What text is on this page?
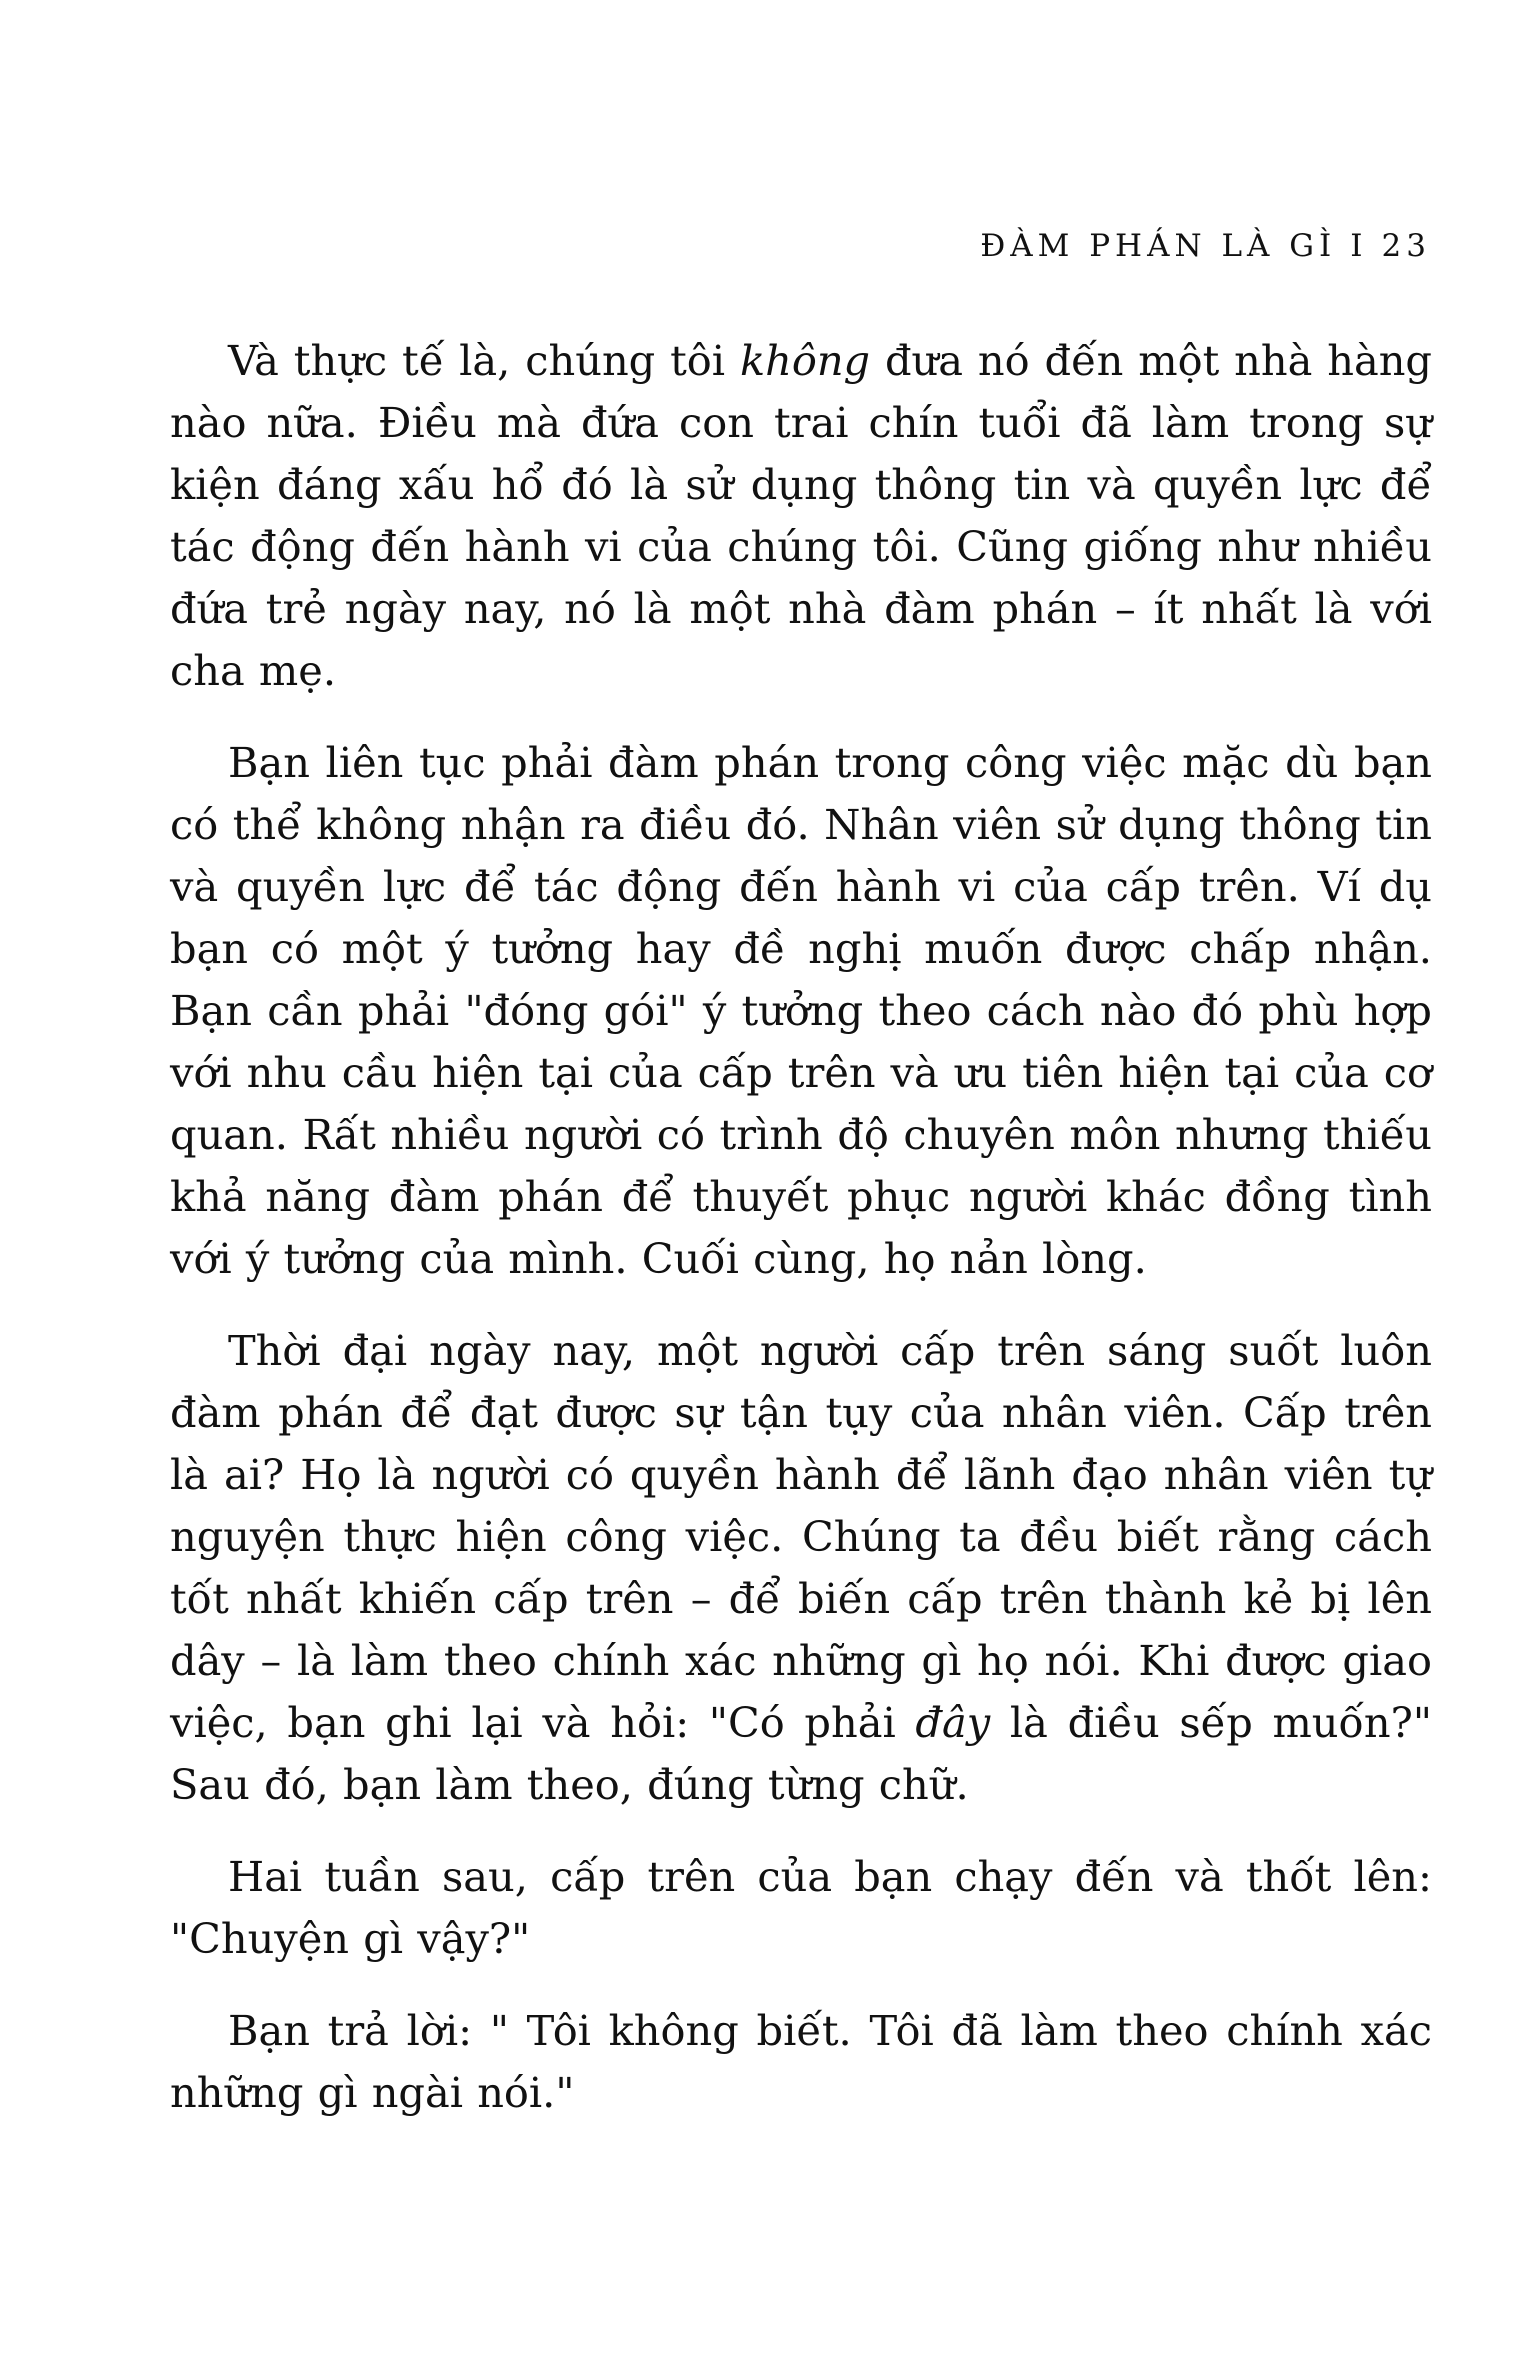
ĐÀM PHÁN LÀ GÌ I 23

Và thực tế là, chúng tôi không đưa nó đến một nhà hàng nào nữa. Điều mà đứa con trai chín tuổi đã làm trong sự kiện đáng xấu hổ đó là sử dụng thông tin và quyền lực để tác động đến hành vi của chúng tôi. Cũng giống như nhiều đứa trẻ ngày nay, nó là một nhà đàm phán – ít nhất là với cha mẹ.

Bạn liên tục phải đàm phán trong công việc mặc dù bạn có thể không nhận ra điều đó. Nhân viên sử dụng thông tin và quyền lực để tác động đến hành vi của cấp trên. Ví dụ bạn có một ý tưởng hay đề nghị muốn được chấp nhận. Bạn cần phải "đóng gói" ý tưởng theo cách nào đó phù hợp với nhu cầu hiện tại của cấp trên và ưu tiên hiện tại của cơ quan. Rất nhiều người có trình độ chuyên môn nhưng thiếu khả năng đàm phán để thuyết phục người khác đồng tình với ý tưởng của mình. Cuối cùng, họ nản lòng.

Thời đại ngày nay, một người cấp trên sáng suốt luôn đàm phán để đạt được sự tận tụy của nhân viên. Cấp trên là ai? Họ là người có quyền hành để lãnh đạo nhân viên tự nguyện thực hiện công việc. Chúng ta đều biết rằng cách tốt nhất khiến cấp trên – để biến cấp trên thành kẻ bị lên dây – là làm theo chính xác những gì họ nói. Khi được giao việc, bạn ghi lại và hỏi: "Có phải đây là điều sếp muốn?" Sau đó, bạn làm theo, đúng từng chữ.

Hai tuần sau, cấp trên của bạn chạy đến và thốt lên: "Chuyện gì vậy?"

Bạn trả lời: " Tôi không biết. Tôi đã làm theo chính xác những gì ngài nói."
